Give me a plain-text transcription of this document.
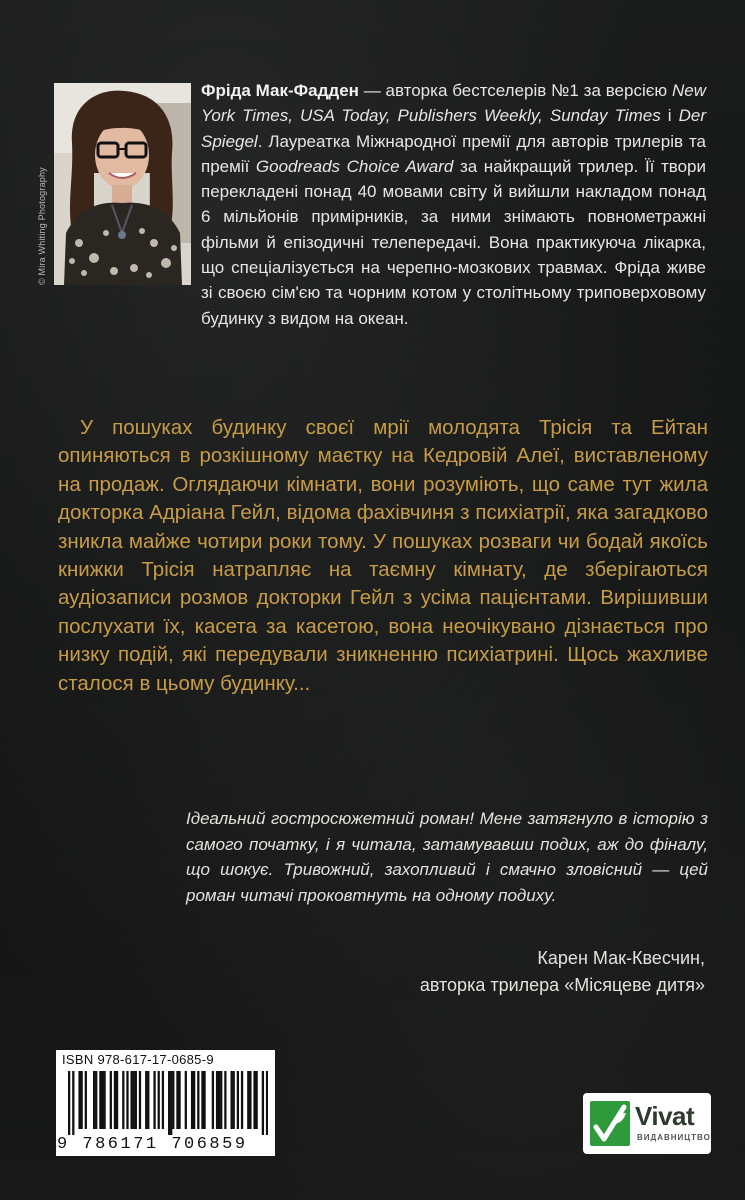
© Mira Whiting Photography

Фріда Мак-Фадден — авторка бестселерів №1 за версією New York Times, USA Today, Publishers Weekly, Sunday Times і Der Spiegel. Лауреатка Міжнародної премії для авторів трилерів та премії Goodreads Choice Award за найкращий трилер. Її твори перекладені понад 40 мовами світу й вийшли накладом понад 6 мільйонів примірників, за ними знімають повнометражні фільми й епізодичні телепередачі. Вона практикуюча лікарка, що спеціалізується на черепно-мозкових травмах. Фріда живе зі своєю сім'єю та чорним котом у столітньому триповерховому будинку з видом на океан.

У пошуках будинку своєї мрії молодята Трісія та Ейтан опиняються в розкішному маєтку на Кедровій Алеї, виставленому на продаж. Оглядаючи кімнати, вони розуміють, що саме тут жила докторка Адріана Гейл, відома фахівчиня з психіатрії, яка загадково зникла майже чотири роки тому. У пошуках розваги чи бодай якоїсь книжки Трісія натрапляє на таємну кімнату, де зберігаються аудіозаписи розмов докторки Гейл з усіма пацієнтами. Вирішивши послухати їх, касета за касетою, вона неочікувано дізнається про низку подій, які передували зникненню психіатрині. Щось жахливе сталося в цьому будинку...

Ідеальний гостросюжетний роман! Мене затягнуло в історію з самого початку, і я читала, затамувавши подих, аж до фіналу, що шокує. Тривожний, захопливий і смачно зловісний — цей роман читачі проковтнуть на одному подиху.

Карен Мак-Квесчин,
авторка трилера «Місяцеве дитя»
ISBN 978-617-17-0685-9
9 786171 706859
Vivat
ВИДАВНИЦТВО
